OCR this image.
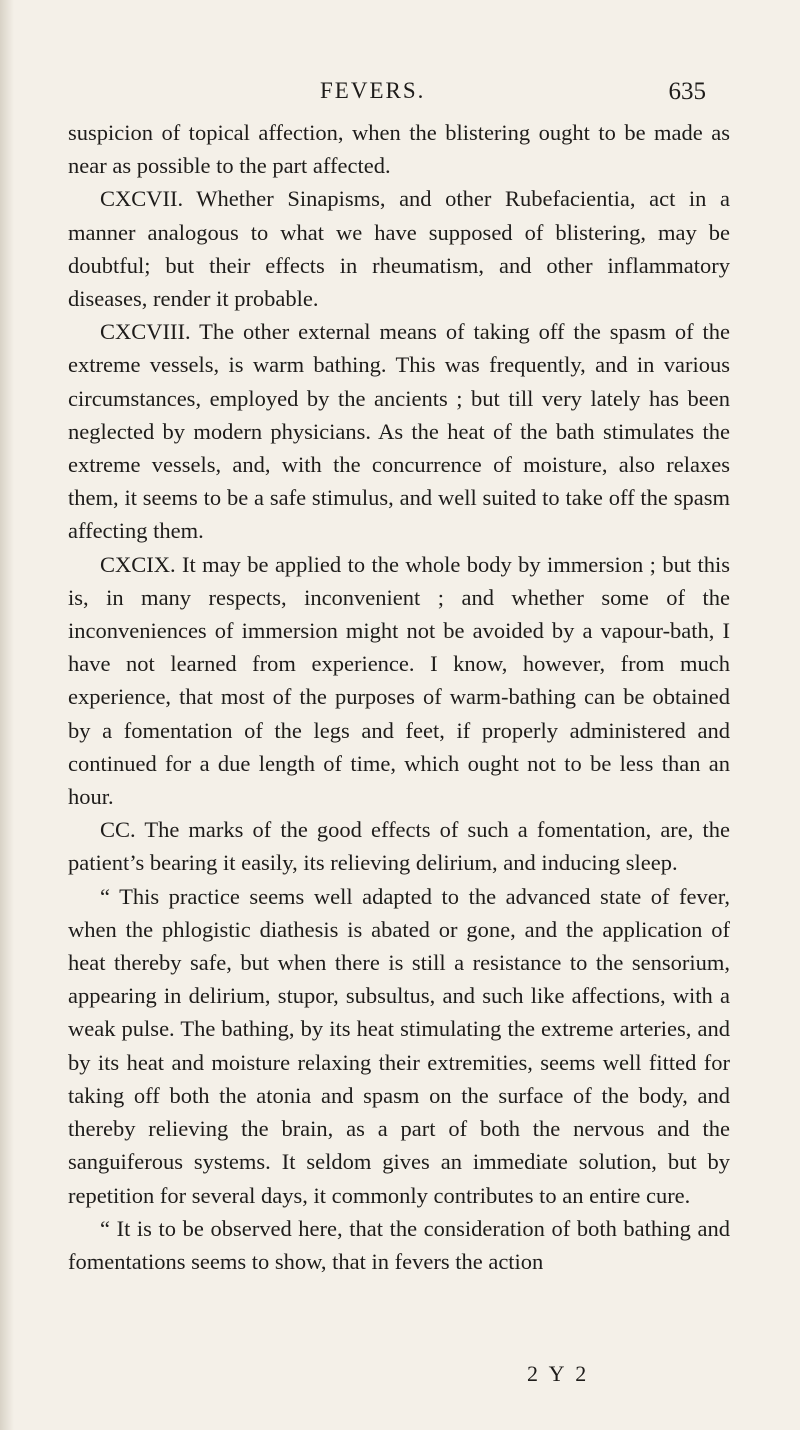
FEVERS.	635

suspicion of topical affection, when the blistering ought to be made as near as possible to the part affected.

CXCVII. Whether Sinapisms, and other Rubefacientia, act in a manner analogous to what we have supposed of blistering, may be doubtful; but their effects in rheumatism, and other inflammatory diseases, render it probable.

CXCVIII. The other external means of taking off the spasm of the extreme vessels, is warm bathing. This was frequently, and in various circumstances, employed by the ancients ; but till very lately has been neglected by modern physicians. As the heat of the bath stimulates the extreme vessels, and, with the concurrence of moisture, also relaxes them, it seems to be a safe stimulus, and well suited to take off the spasm affecting them.

CXCIX. It may be applied to the whole body by immersion ; but this is, in many respects, inconvenient ; and whether some of the inconveniences of immersion might not be avoided by a vapour-bath, I have not learned from experience. I know, however, from much experience, that most of the purposes of warm-bathing can be obtained by a fomentation of the legs and feet, if properly administered and continued for a due length of time, which ought not to be less than an hour.

CC. The marks of the good effects of such a fomentation, are, the patient’s bearing it easily, its relieving delirium, and inducing sleep.

“ This practice seems well adapted to the advanced state of fever, when the phlogistic diathesis is abated or gone, and the application of heat thereby safe, but when there is still a resistance to the sensorium, appearing in delirium, stupor, subsultus, and such like affections, with a weak pulse. The bathing, by its heat stimulating the extreme arteries, and by its heat and moisture relaxing their extremities, seems well fitted for taking off both the atonia and spasm on the surface of the body, and thereby relieving the brain, as a part of both the nervous and the sanguiferous systems. It seldom gives an immediate solution, but by repetition for several days, it commonly contributes to an entire cure.

“ It is to be observed here, that the consideration of both bathing and fomentations seems to show, that in fevers the action

2 Y 2
